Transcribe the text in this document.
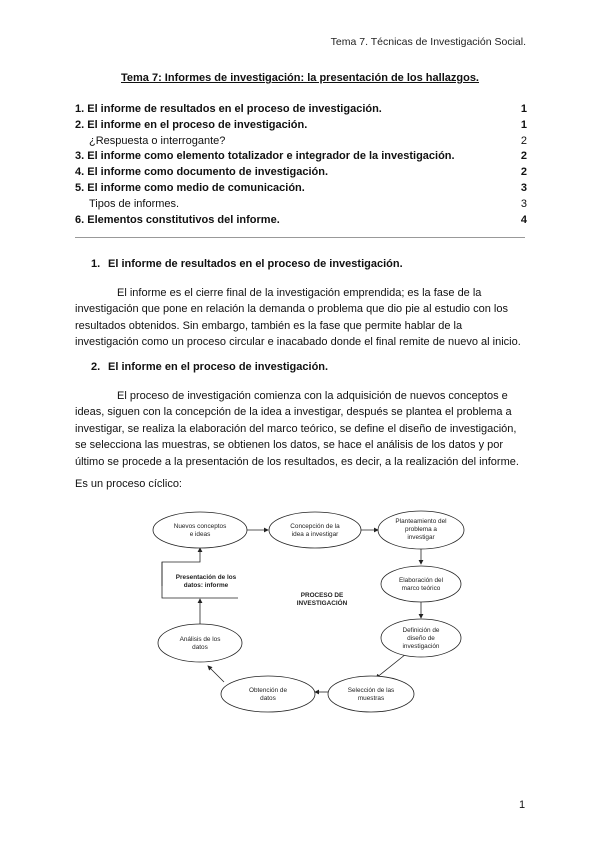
Tema 7. Técnicas de Investigación Social.
Tema 7: Informes de investigación: la presentación de los hallazgos.
1. El informe de resultados en el proceso de investigación.	1
2. El informe en el proceso de investigación.	1
¿Respuesta o interrogante?	2
3. El informe como elemento totalizador e integrador de la investigación.	2
4. El informe como documento de investigación.	2
5. El informe como medio de comunicación.	3
Tipos de informes.	3
6. Elementos constitutivos del informe.	4
1. El informe de resultados en el proceso de investigación.

El informe es el cierre final de la investigación emprendida; es la fase de la investigación que pone en relación la demanda o problema que dio pie al estudio con los resultados obtenidos. Sin embargo, también es la fase que permite hablar de la investigación como un proceso circular e inacabado donde el final remite de nuevo al inicio.

2. El informe en el proceso de investigación.

El proceso de investigación comienza con la adquisición de nuevos conceptos e ideas, siguen con la concepción de la idea a investigar, después se plantea el problema a investigar, se realiza la elaboración del marco teórico, se define el diseño de investigación, se selecciona las muestras, se obtienen los datos, se hace el análisis de los datos y por último se procede a la presentación de los resultados, es decir, a la realización del informe.

Es un proceso cíclico:
Nuevos conceptos
e ideas
Concepción de la
idea a investigar
Planteamiento del
problema a
investigar
Elaboración del
marco teórico
Definición de
diseño de
investigación
Selección de las
muestras
Obtención de
datos
Análisis de los
datos
Presentación de los
datos: informe
PROCESO DE
INVESTIGACIÓN
1
